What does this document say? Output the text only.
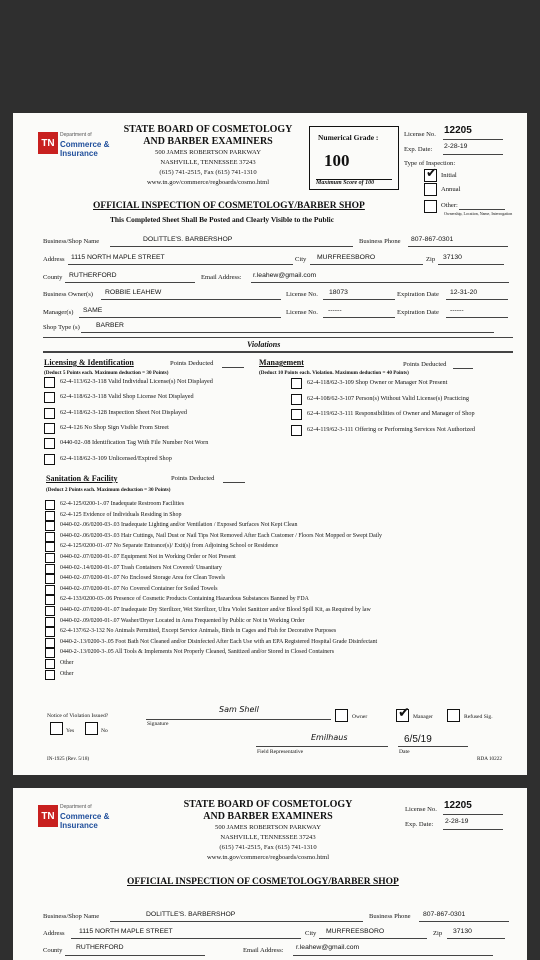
TN
Department of
Commerce &
Insurance
STATE BOARD OF COSMETOLOGY
AND BARBER EXAMINERS
500 JAMES ROBERTSON PARKWAY
NASHVILLE, TENNESSEE 37243
(615) 741-2515, Fax (615) 741-1310
www.tn.gov/commerce/regboards/cosmo.html
Numerical Grade :
100
Maximum Score of 100
License No. 12205
Exp. Date: 2-28-19
Type of Inspection:
✔ Initial
Annual
Other:
Ownership, Location, Name, Interrogation
OFFICIAL INSPECTION OF COSMETOLOGY/BARBER SHOP
This Completed Sheet Shall Be Posted and Clearly Visible to the Public
Business/Shop Name	DOLITTLE'S. BARBERSHOP	Business Phone 807-867-0301
Address 1115 NORTH MAPLE STREET	City MURFREESBORO	Zip 37130
County RUTHERFORD	Email Address: r.leahew@gmail.com
Business Owner(s) ROBBIE LEAHEW	License No. 18073	Expiration Date 12-31-20
Manager(s) SAME	License No. ------	Expiration Date ------
Shop Type (s) BARBER
Violations
Licensing & Identification	Points Deducted
(Deduct 5 Points each. Maximum deduction = 30 Points)
62-4-113/62-3-118 Valid Individual License(s) Not Displayed
62-4-118/62-3-118 Valid Shop License Not Displayed
62-4-118/62-3-128 Inspection Sheet Not Displayed
62-4-126 No Shop Sign Visible From Street
0440-02-.08 Identification Tag With File Number Not Worn
62-4-118/62-3-109 Unlicensed/Expired Shop
Management	Points Deducted
(Deduct 10 Points each. Violation. Maximum deduction = 40 Points)
62-4-118/62-3-109 Shop Owner or Manager Not Present
62-4-108/62-3-107 Person(s) Without Valid License(s) Practicing
62-4-119/62-3-111 Responsibilities of Owner and Manager of Shop
62-4-119/62-3-111 Offering or Performing Services Not Authorized
Sanitation & Facility	Points Deducted
(Deduct 2 Points each. Maximum deduction = 30 Points)
62-4-125/0200-1-.07 Inadequate Restroom Facilities
62-4-125 Evidence of Individuals Residing in Shop
0440-02-.06/0200-03-.03 Inadequate Lighting and/or Ventilation / Exposed Surfaces Not Kept Clean
0440-02-.06/0200-03-.03 Hair Cuttings, Nail Dust or Nail Tips Not Removed After Each Customer / Floors Not Mopped or Swept Daily
62-4-125/0200-01-.07 No Separate Entrance(s)/ Exit(s) from Adjoining School or Residence
0440-02-.07/0200-01-.07 Equipment Not in Working Order or Not Present
0440-02-.14/0200-01-.07 Trash Containers Not Covered/ Unsanitary
0440-02-.07/0200-01-.07 No Enclosed Storage Area for Clean Towels
0440-02-.07/0200-01-.07 No Covered Container for Soiled Towels
62-4-133/0200-03-.06 Presence of Cosmetic Products Containing Hazardous Substances Banned by FDA
0440-02-.07/0200-01-.07 Inadequate Dry Sterilizer, Wet Sterilizer, Ultra Violet Sanitizer and/or Blood Spill Kit, as Required by law
0440-02-.09/0200-01-.07 Washer/Dryer Located in Area Frequented by Public or Not in Working Order
62-4-137/62-3-132 No Animals Permitted, Except Service Animals, Birds in Cages and Fish for Decorative Purposes
0440-2-.13/0200-3-.05 Foot Bath Not Cleaned and/or Disinfected After Each Use with an EPA Registered Hospital Grade Disinfectant
0440-2-.13/0200-3-.05 All Tools & Implements Not Properly Cleaned, Sanitized and/or Stored in Closed Containers
Other
Other
Notice of Violation Issued?
Yes	No
Sam Shell
Signature
Owner ✔ Manager	Refused Sig.
Emilhaus
Field Representative
6/5/19
Date
IN-1925 (Rev. 5/18)	RDA 10222
TN
Department of
Commerce &
Insurance
STATE BOARD OF COSMETOLOGY
AND BARBER EXAMINERS
500 JAMES ROBERTSON PARKWAY
NASHVILLE, TENNESSEE 37243
(615) 741-2515, Fax (615) 741-1310
www.tn.gov/commerce/regboards/cosmo.html
License No. 12205
Exp. Date: 2-28-19
OFFICIAL INSPECTION OF COSMETOLOGY/BARBER SHOP
Business/Shop Name	DOLITTLE'S. BARBERSHOP	Business Phone 807-867-0301
Address 1115 NORTH MAPLE STREET	City MURFREESBORO	Zip 37130
County RUTHERFORD	Email Address: r.leahew@gmail.com
